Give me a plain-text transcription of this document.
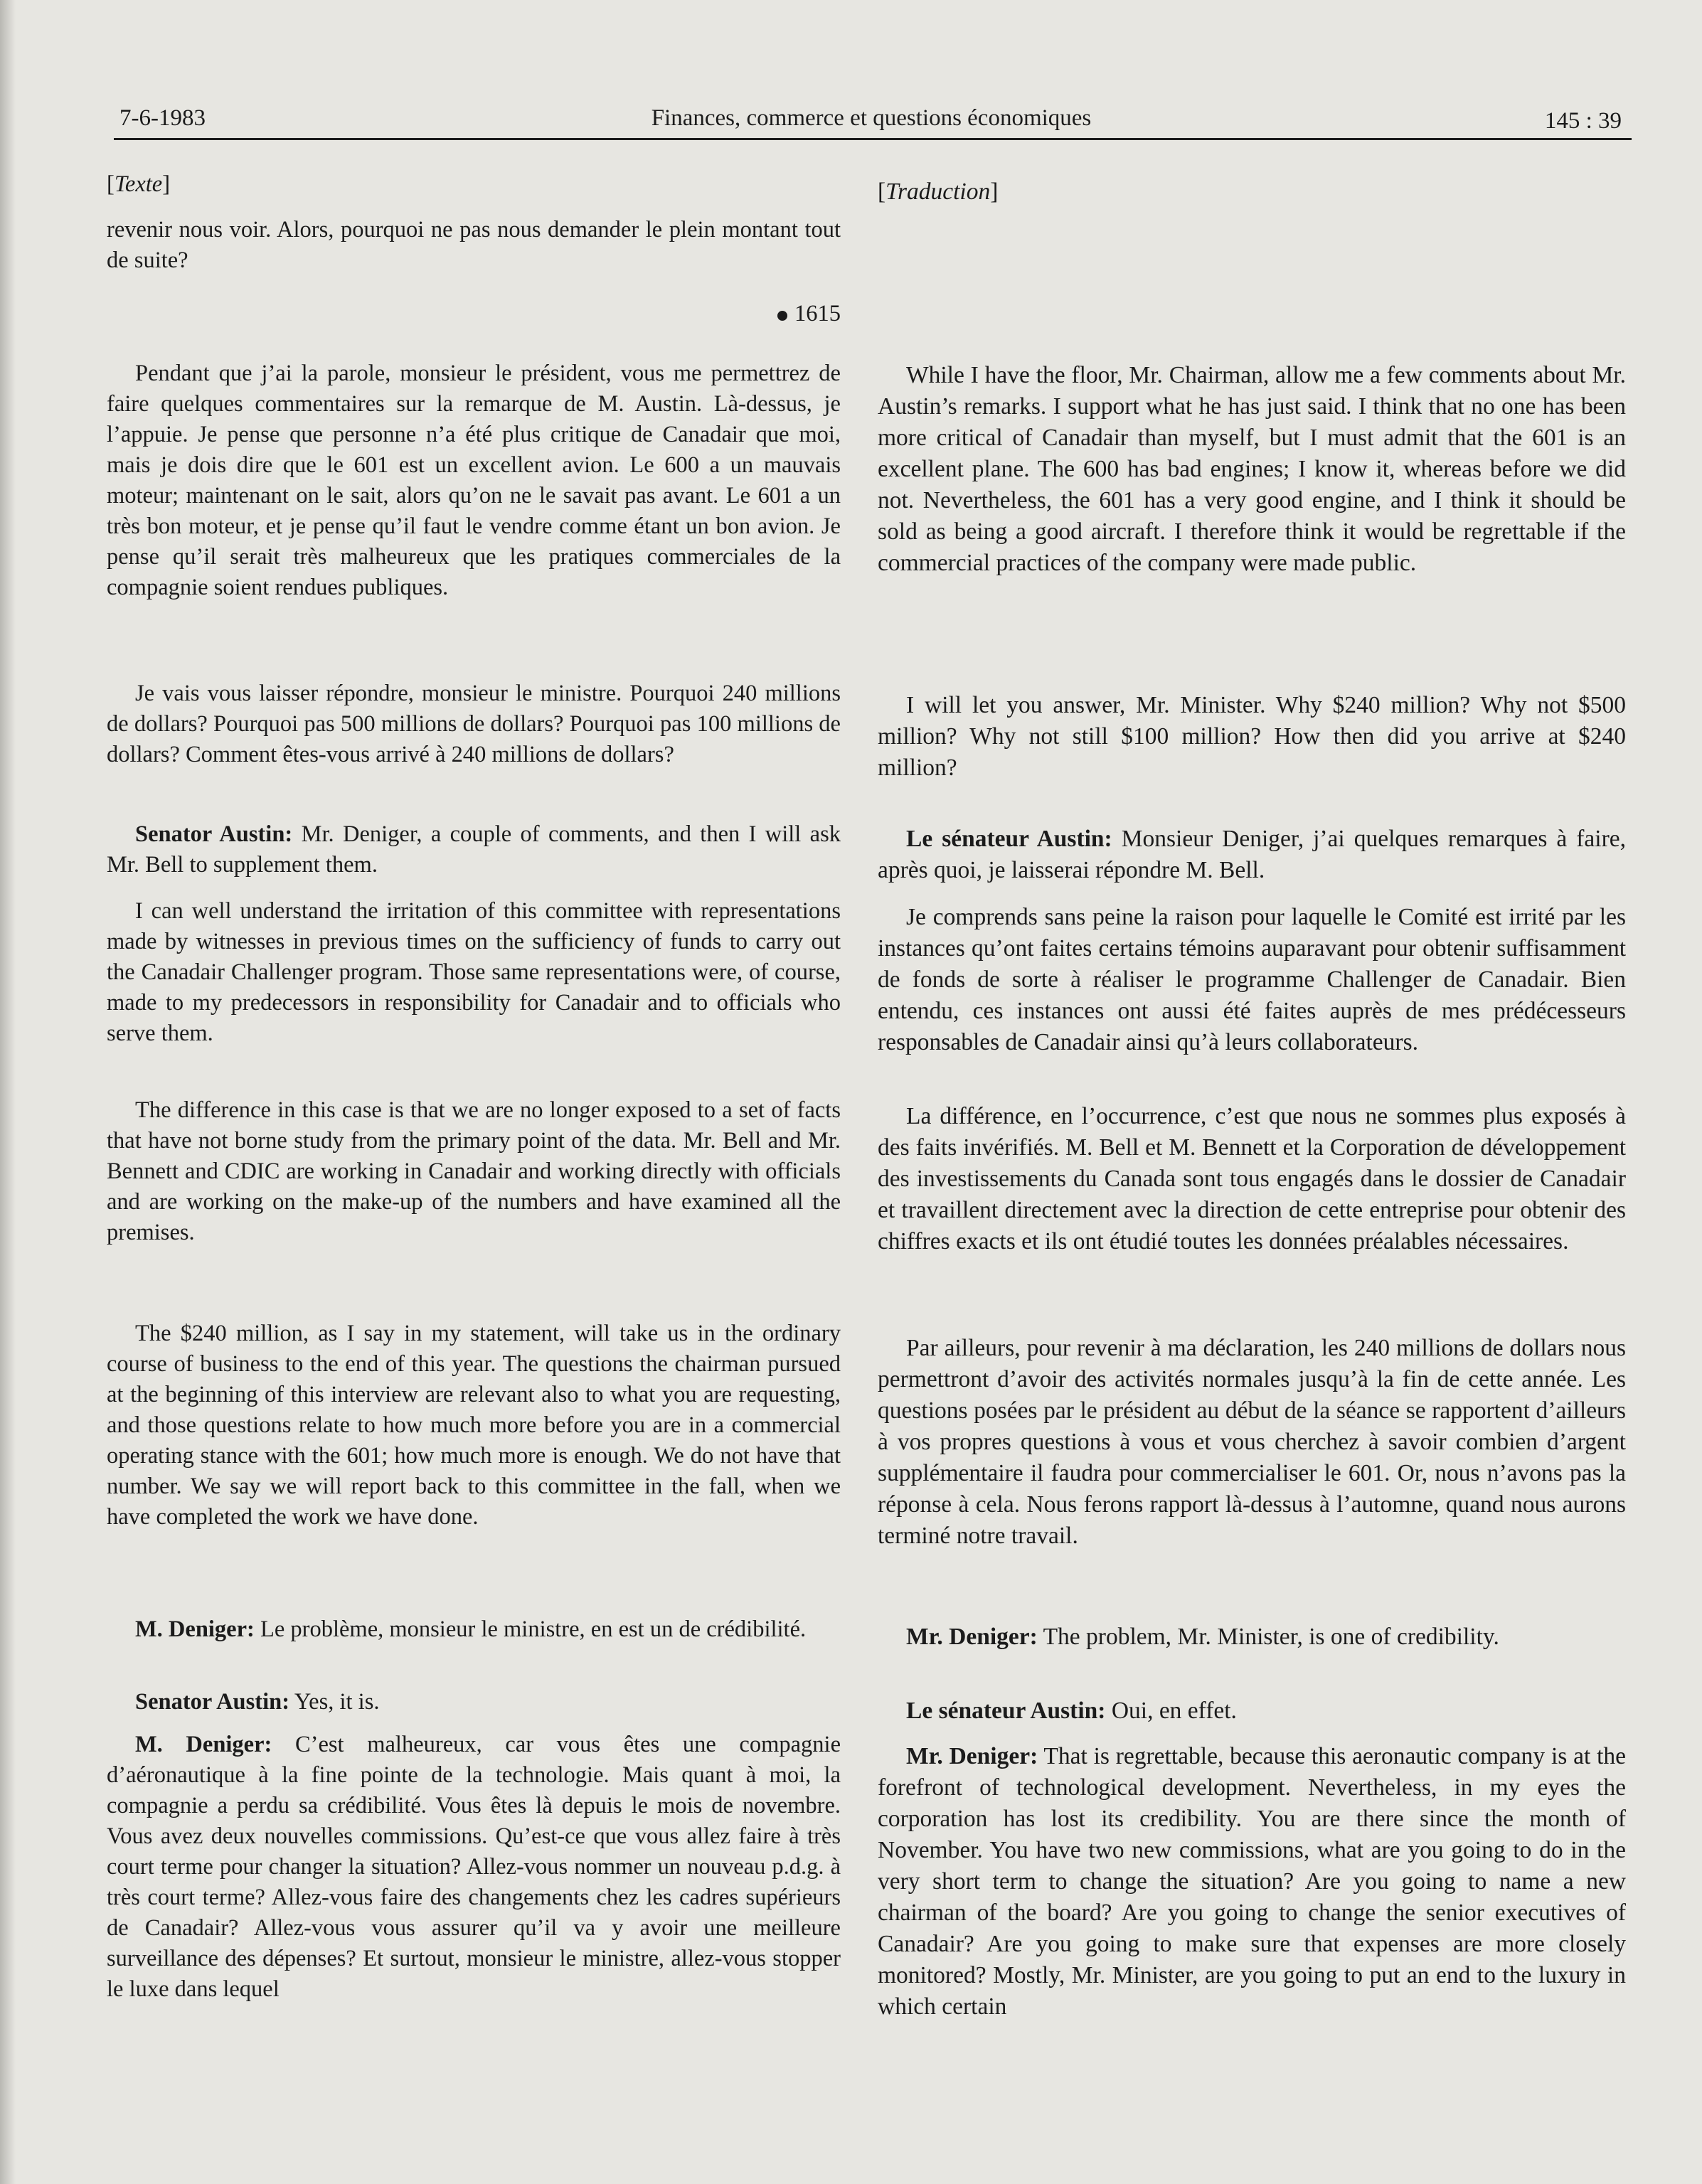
7-6-1983	Finances, commerce et questions économiques	145 : 39

[Texte]

revenir nous voir. Alors, pourquoi ne pas nous demander le plein montant tout de suite?

1615

Pendant que j’ai la parole, monsieur le président, vous me permettrez de faire quelques commentaires sur la remarque de M. Austin. Là-dessus, je l’appuie. Je pense que personne n’a été plus critique de Canadair que moi, mais je dois dire que le 601 est un excellent avion. Le 600 a un mauvais moteur; maintenant on le sait, alors qu’on ne le savait pas avant. Le 601 a un très bon moteur, et je pense qu’il faut le vendre comme étant un bon avion. Je pense qu’il serait très malheureux que les pratiques commerciales de la compagnie soient rendues publiques.

Je vais vous laisser répondre, monsieur le ministre. Pourquoi 240 millions de dollars? Pourquoi pas 500 millions de dollars? Pourquoi pas 100 millions de dollars? Comment êtes-vous arrivé à 240 millions de dollars?

Senator Austin: Mr. Deniger, a couple of comments, and then I will ask Mr. Bell to supplement them.

I can well understand the irritation of this committee with representations made by witnesses in previous times on the sufficiency of funds to carry out the Canadair Challenger program. Those same representations were, of course, made to my predecessors in responsibility for Canadair and to officials who serve them.

The difference in this case is that we are no longer exposed to a set of facts that have not borne study from the primary point of the data. Mr. Bell and Mr. Bennett and CDIC are working in Canadair and working directly with officials and are working on the make-up of the numbers and have examined all the premises.

The $240 million, as I say in my statement, will take us in the ordinary course of business to the end of this year. The questions the chairman pursued at the beginning of this interview are relevant also to what you are requesting, and those questions relate to how much more before you are in a commercial operating stance with the 601; how much more is enough. We do not have that number. We say we will report back to this committee in the fall, when we have completed the work we have done.

M. Deniger: Le problème, monsieur le ministre, en est un de crédibilité.

Senator Austin: Yes, it is.

M. Deniger: C’est malheureux, car vous êtes une compagnie d’aéronautique à la fine pointe de la technologie. Mais quant à moi, la compagnie a perdu sa crédibilité. Vous êtes là depuis le mois de novembre. Vous avez deux nouvelles commissions. Qu’est-ce que vous allez faire à très court terme pour changer la situation? Allez-vous nommer un nouveau p.d.g. à très court terme? Allez-vous faire des changements chez les cadres supérieurs de Canadair? Allez-vous vous assurer qu’il va y avoir une meilleure surveillance des dépenses? Et surtout, monsieur le ministre, allez-vous stopper le luxe dans lequel

[Traduction]

While I have the floor, Mr. Chairman, allow me a few comments about Mr. Austin’s remarks. I support what he has just said. I think that no one has been more critical of Canadair than myself, but I must admit that the 601 is an excellent plane. The 600 has bad engines; I know it, whereas before we did not. Nevertheless, the 601 has a very good engine, and I think it should be sold as being a good aircraft. I therefore think it would be regrettable if the commercial practices of the company were made public.

I will let you answer, Mr. Minister. Why $240 million? Why not $500 million? Why not still $100 million? How then did you arrive at $240 million?

Le sénateur Austin: Monsieur Deniger, j’ai quelques remarques à faire, après quoi, je laisserai répondre M. Bell.

Je comprends sans peine la raison pour laquelle le Comité est irrité par les instances qu’ont faites certains témoins auparavant pour obtenir suffisamment de fonds de sorte à réaliser le programme Challenger de Canadair. Bien entendu, ces instances ont aussi été faites auprès de mes prédécesseurs responsables de Canadair ainsi qu’à leurs collaborateurs.

La différence, en l’occurrence, c’est que nous ne sommes plus exposés à des faits invérifiés. M. Bell et M. Bennett et la Corporation de développement des investissements du Canada sont tous engagés dans le dossier de Canadair et travaillent directement avec la direction de cette entreprise pour obtenir des chiffres exacts et ils ont étudié toutes les données préalables nécessaires.

Par ailleurs, pour revenir à ma déclaration, les 240 millions de dollars nous permettront d’avoir des activités normales jusqu’à la fin de cette année. Les questions posées par le président au début de la séance se rapportent d’ailleurs à vos propres questions à vous et vous cherchez à savoir combien d’argent supplémentaire il faudra pour commercialiser le 601. Or, nous n’avons pas la réponse à cela. Nous ferons rapport là-dessus à l’automne, quand nous aurons terminé notre travail.

Mr. Deniger: The problem, Mr. Minister, is one of credibility.

Le sénateur Austin: Oui, en effet.

Mr. Deniger: That is regrettable, because this aeronautic company is at the forefront of technological development. Nevertheless, in my eyes the corporation has lost its credibility. You are there since the month of November. You have two new commissions, what are you going to do in the very short term to change the situation? Are you going to name a new chairman of the board? Are you going to change the senior executives of Canadair? Are you going to make sure that expenses are more closely monitored? Mostly, Mr. Minister, are you going to put an end to the luxury in which certain
